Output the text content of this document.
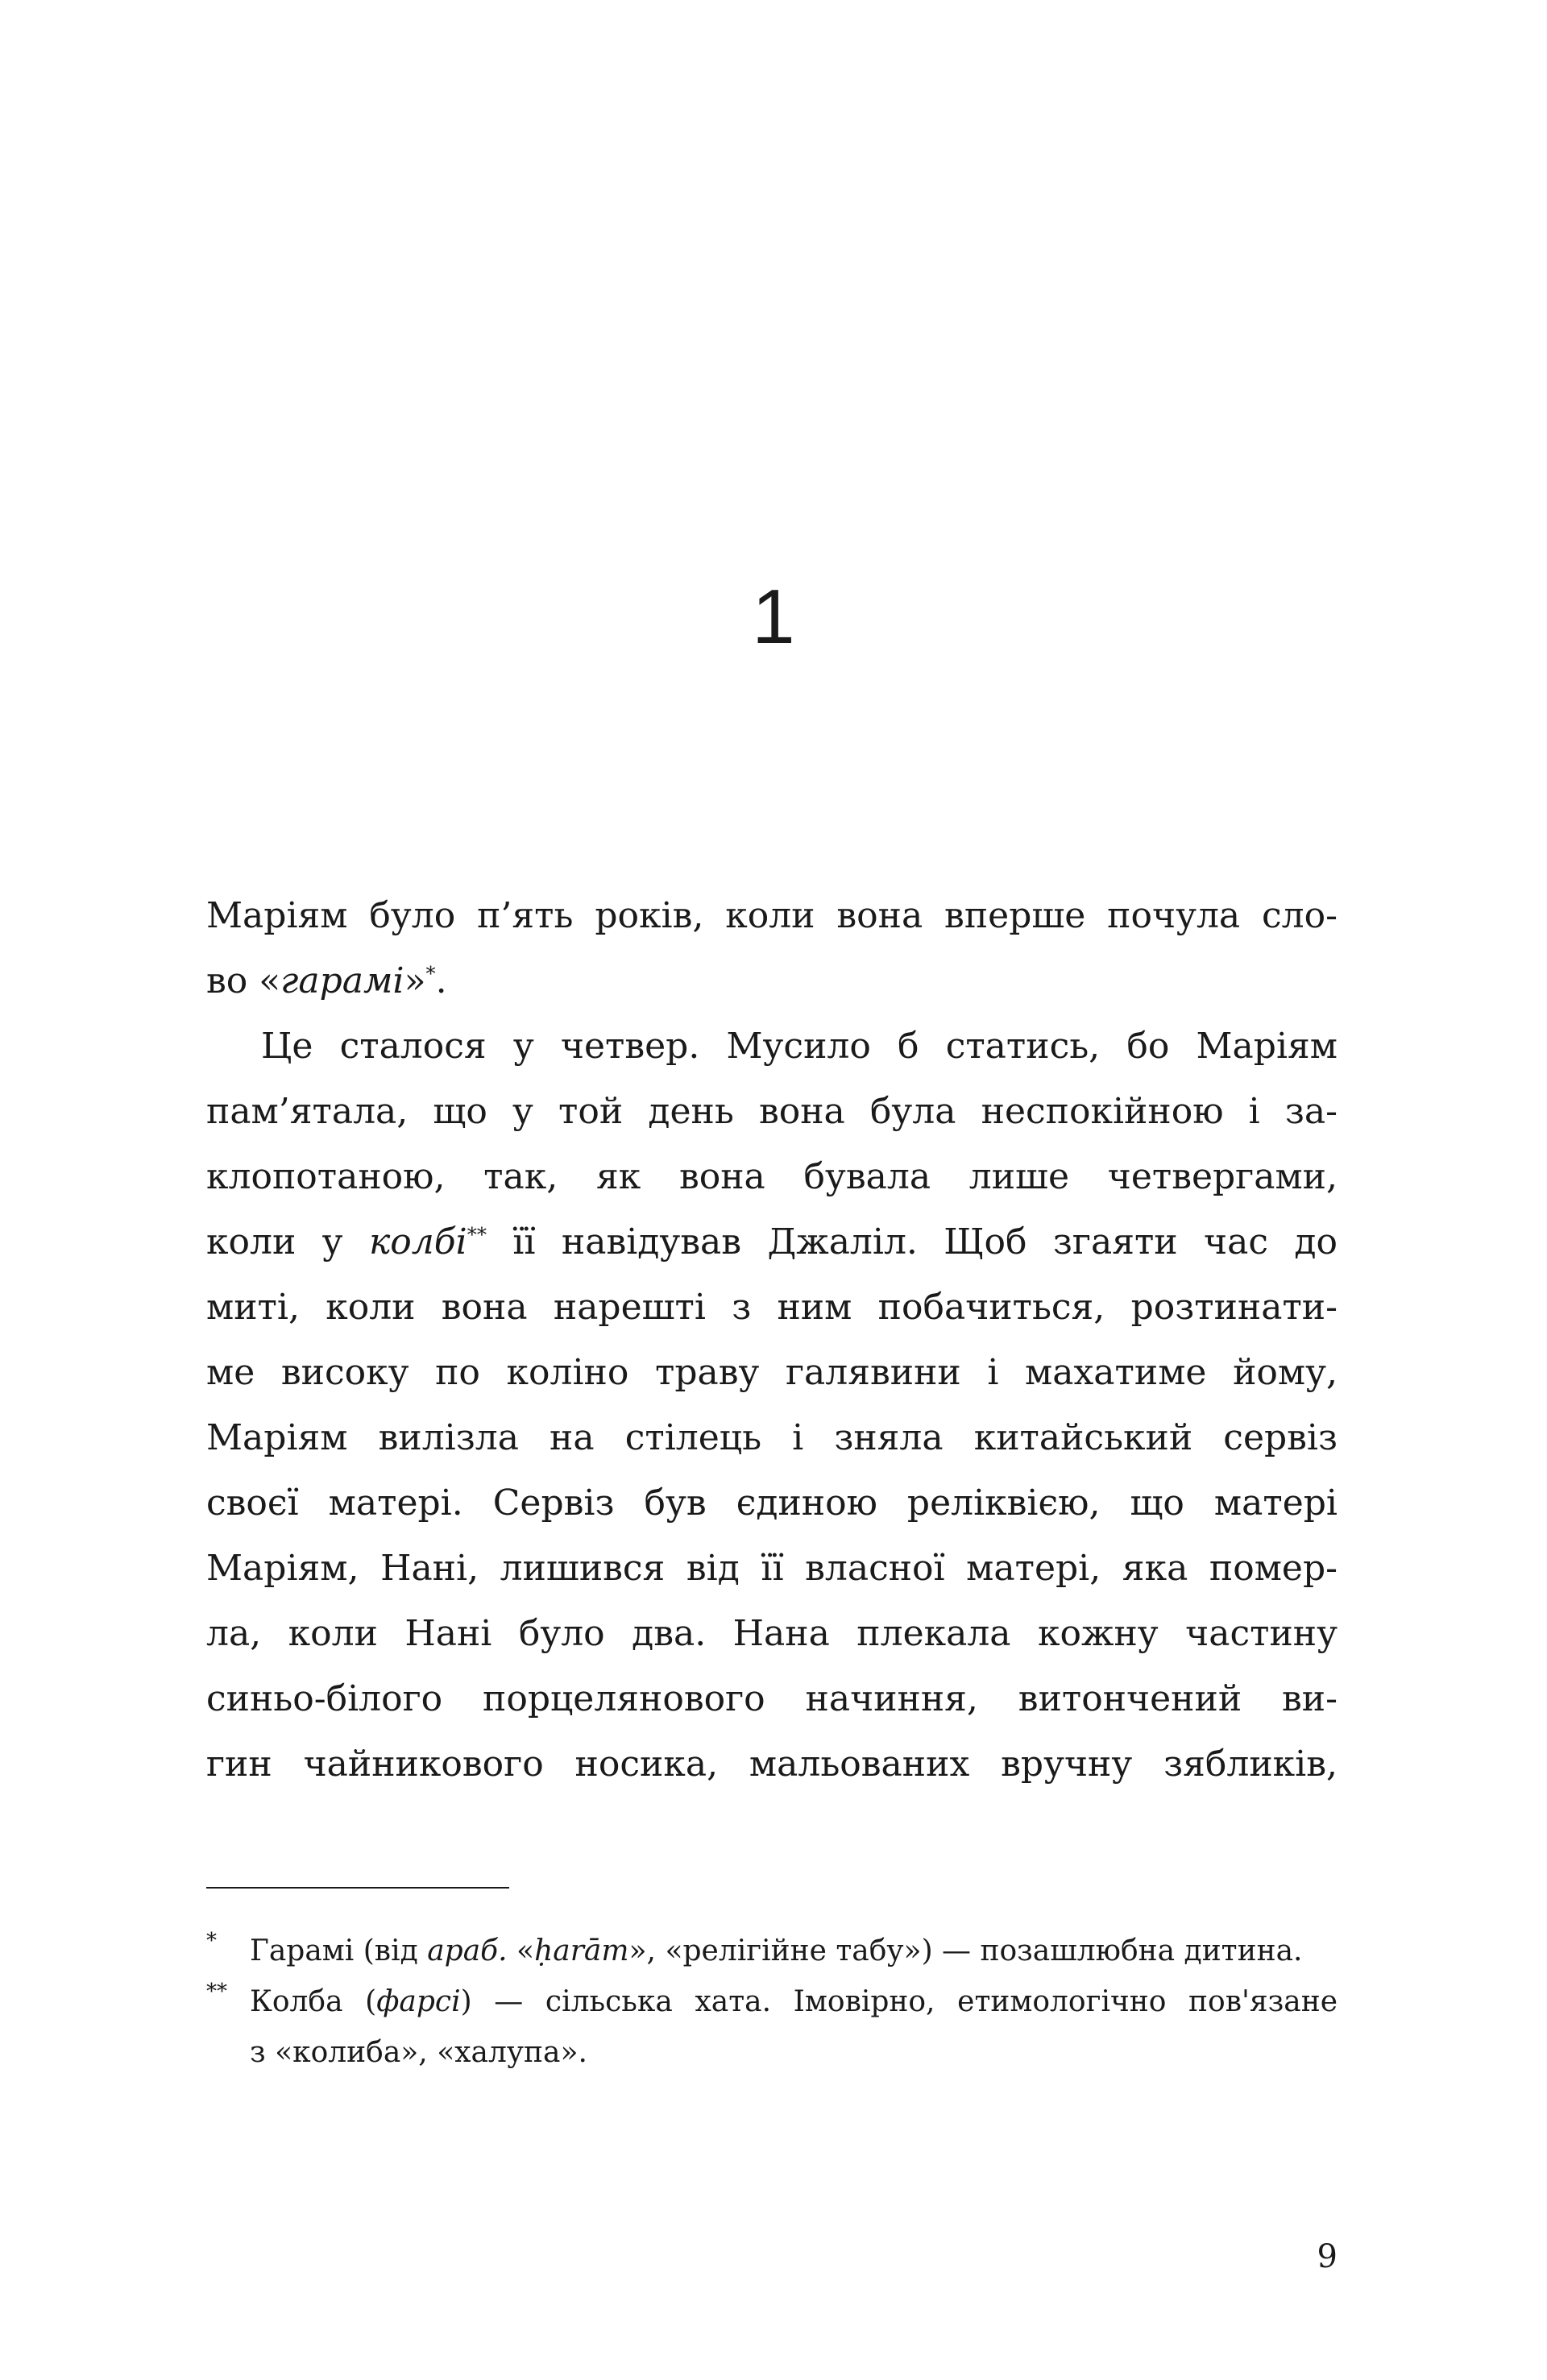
1
Маріям було п’ять років, коли вона вперше почула сло-
во «гарамі»*.
Це сталося у четвер. Мусило б статись, бо Маріям
пам’ятала, що у той день вона була неспокійною і за-
клопотаною, так, як вона бувала лише четвергами,
коли у колбі** її навідував Джаліл. Щоб згаяти час до
миті, коли вона нарешті з ним побачиться, розтинати-
ме високу по коліно траву галявини і махатиме йому,
Маріям вилізла на стілець і зняла китайський сервіз
своєї матері. Сервіз був єдиною реліквією, що матері
Маріям, Нані, лишився від її власної матері, яка помер-
ла, коли Нані було два. Нана плекала кожну частину
синьо-білого порцелянового начиння, витончений ви-
гин чайникового носика, мальованих вручну зябликів,
* Гарамі (від араб. «ḥarām», «релігійне табу») — позашлюбна дитина.
** Колба (фарсі) — сільська хата. Імовірно, етимологічно пов'язане
з «колиба», «халупа».
9
